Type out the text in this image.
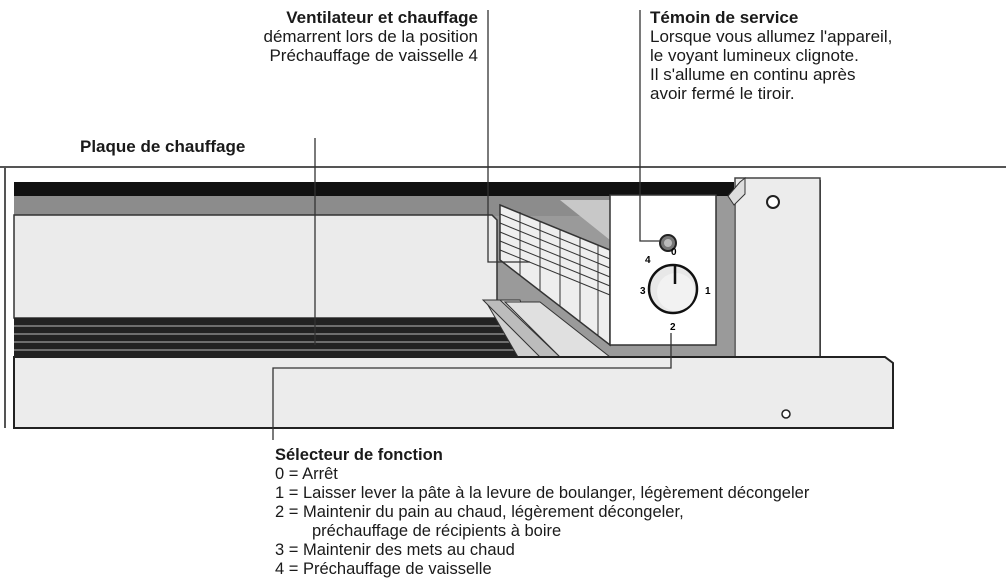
0
1
2
3
4
Ventilateur et chauffage
démarrent lors de la position
Préchauffage de vaisselle 4
Témoin de service
Lorsque vous allumez l'appareil,
le voyant lumineux clignote.
Il s'allume en continu après
avoir fermé le tiroir.
Plaque de chauffage
Sélecteur de fonction
0 = Arrêt
1 = Laisser lever la pâte à la levure de boulanger, légèrement décongeler
2 = Maintenir du pain au chaud, légèrement décongeler,
préchauffage de récipients à boire
3 = Maintenir des mets au chaud
4 = Préchauffage de vaisselle
